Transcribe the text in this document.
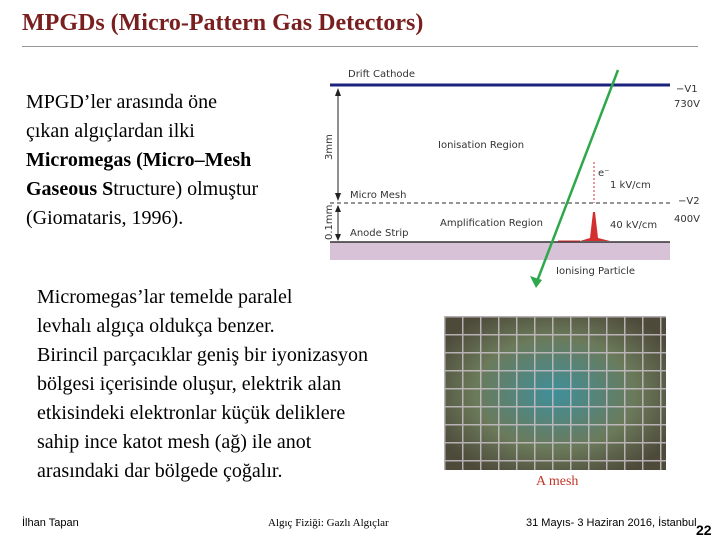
MPGDs (Micro-Pattern Gas Detectors)
MPGD’ler arasında öne
çıkan algıçlardan ilki
Micromegas (Micro–Mesh
Gaseous Structure) olmuştur
(Giomataris, 1996).
Drift Cathode
Micro Mesh
Anode Strip
3mm
0.1mm
Ionisation Region
Amplification Region
1 kV/cm
40 kV/cm
−V1
730V
−V2
400V
e⁻
Ionising Particle
Micromegas’lar temelde paralel
levhalı algıça oldukça benzer.
Birincil parçacıklar geniş bir iyonizasyon
bölgesi içerisinde oluşur, elektrik alan
etkisindeki elektronlar küçük deliklere
sahip ince katot mesh (ağ) ile anot
arasındaki dar bölgede çoğalır.	A mesh
İlhan Tapan	Algıç Fiziği: Gazlı Algıçlar	31 Mayıs- 3 Haziran 2016, İstanbul 22
